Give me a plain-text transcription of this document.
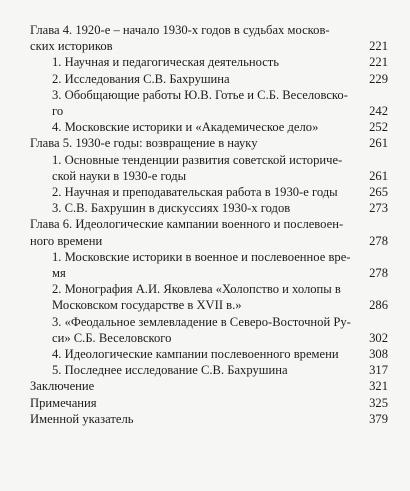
Глава 4. 1920-е – начало 1930-х годов в судьбах москов-
ских историков	221
1. Научная и педагогическая деятельность	221
2. Исследования С.В. Бахрушина	229
3. Обобщающие работы Ю.В. Готье и С.Б. Веселовско-
го	242
4. Московские историки и «Академическое дело»	252
Глава 5. 1930-е годы: возвращение в науку	261
1. Основные тенденции развития советской историче-
ской науки в 1930-е годы	261
2. Научная и преподавательская работа в 1930-е годы	265
3. С.В. Бахрушин в дискуссиях 1930-х годов	273
Глава 6. Идеологические кампании военного и послевоен-
ного времени	278
1. Московские историки в военное и послевоенное вре-
мя	278
2. Монография А.И. Яковлева «Холопство и холопы в
Московском государстве в XVII в.»	286
3. «Феодальное землевладение в Северо-Восточной Ру-
си» С.Б. Веселовского	302
4. Идеологические кампании послевоенного времени	308
5. Последнее исследование С.В. Бахрушина	317
Заключение	321
Примечания	325
Именной указатель	379
